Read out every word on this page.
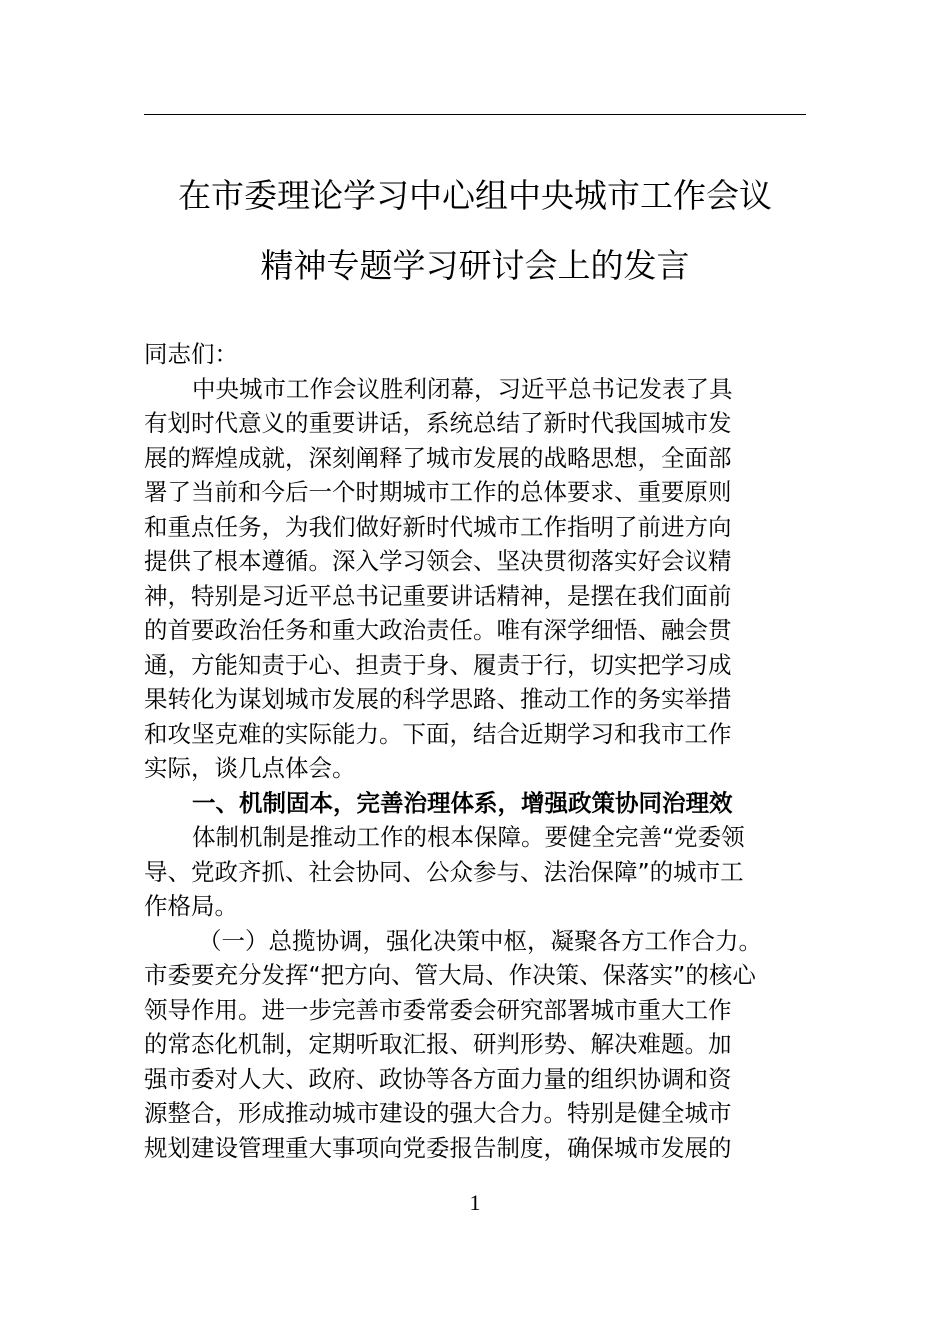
在市委理论学习中心组中央城市工作会议
精神专题学习研讨会上的发言
同志们：
中央城市工作会议胜利闭幕，习近平总书记发表了具
有划时代意义的重要讲话，系统总结了新时代我国城市发
展的辉煌成就，深刻阐释了城市发展的战略思想，全面部
署了当前和今后一个时期城市工作的总体要求、重要原则
和重点任务，为我们做好新时代城市工作指明了前进方向
提供了根本遵循。深入学习领会、坚决贯彻落实好会议精
神，特别是习近平总书记重要讲话精神，是摆在我们面前
的首要政治任务和重大政治责任。唯有深学细悟、融会贯
通，方能知责于心、担责于身、履责于行，切实把学习成
果转化为谋划城市发展的科学思路、推动工作的务实举措
和攻坚克难的实际能力。下面，结合近期学习和我市工作
实际，谈几点体会。
一、机制固本，完善治理体系，增强政策协同治理效
体制机制是推动工作的根本保障。要健全完善“党委领
导、党政齐抓、社会协同、公众参与、法治保障”的城市工
作格局。
（一）总揽协调，强化决策中枢，凝聚各方工作合力。
市委要充分发挥“把方向、管大局、作决策、保落实”的核心
领导作用。进一步完善市委常委会研究部署城市重大工作
的常态化机制，定期听取汇报、研判形势、解决难题。加
强市委对人大、政府、政协等各方面力量的组织协调和资
源整合，形成推动城市建设的强大合力。特别是健全城市
规划建设管理重大事项向党委报告制度，确保城市发展的
1
